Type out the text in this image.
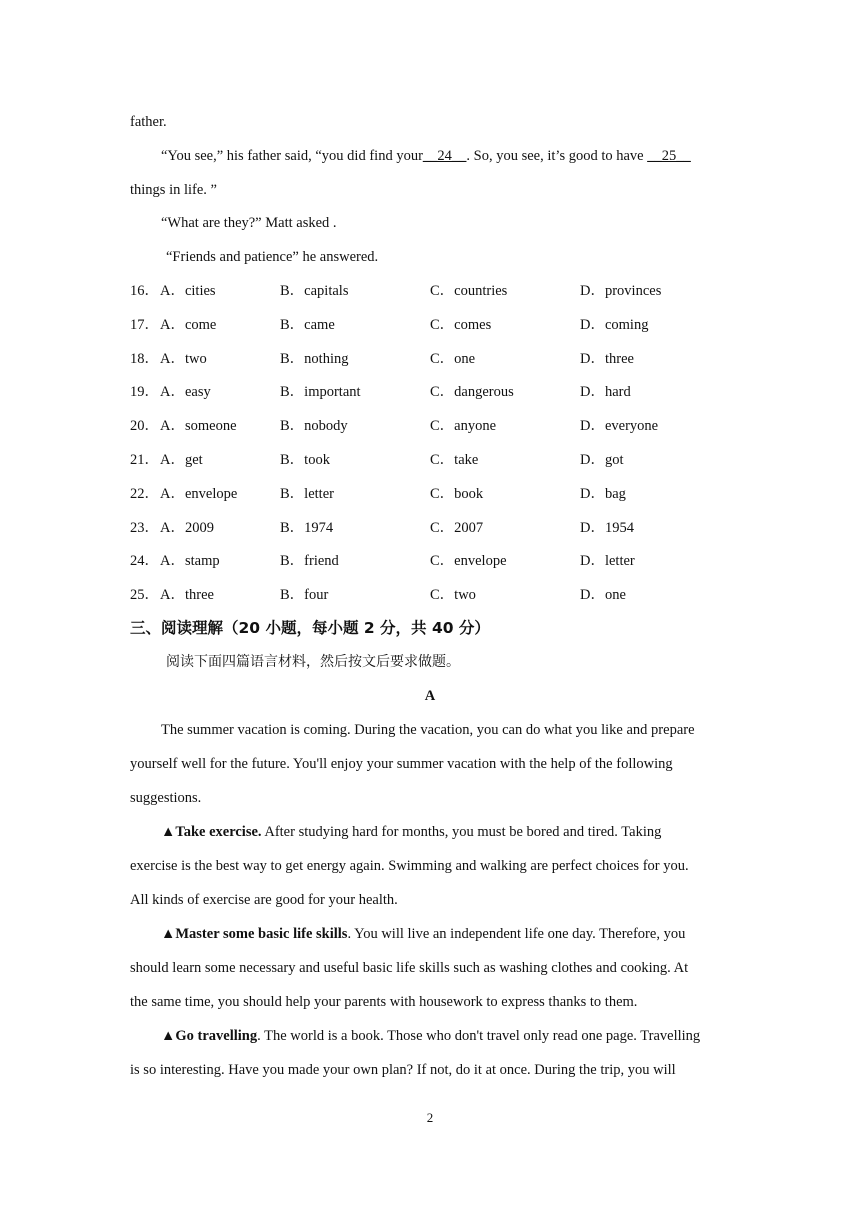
father.
“You see,” his father said, “you did find your__24__. So, you see, it’s good to have __25__
things in life. ”
“What are they?” Matt asked .
“Friends and patience” he answered.
16． A．cities	B．capitals	C．countries	D．provinces
17． A．come	B．came	C．comes	D．coming
18． A．two	B．nothing	C．one	D．three
19． A．easy	B．important	C．dangerous	D．hard
20． A．someone	B．nobody	C．anyone	D．everyone
21． A．get	B．took	C．take	D．got
22． A．envelope	B．letter	C．book	D．bag
23． A．2009	B．1974	C．2007	D．1954
24． A．stamp	B．friend	C．envelope	D．letter
25． A．three	B．four	C．two	D．one
三、阅读理解（20 小题，每小题 2 分，共 40 分）
阅读下面四篇语言材料，然后按文后要求做题。
A
The summer vacation is coming. During the vacation, you can do what you like and prepare
yourself well for the future. You'll enjoy your summer vacation with the help of the following
suggestions.
▲Take exercise. After studying hard for months, you must be bored and tired. Taking
exercise is the best way to get energy again. Swimming and walking are perfect choices for you.
All kinds of exercise are good for your health.
▲Master some basic life skills. You will live an independent life one day. Therefore, you
should learn some necessary and useful basic life skills such as washing clothes and cooking. At
the same time, you should help your parents with housework to express thanks to them.
▲Go travelling. The world is a book. Those who don't travel only read one page. Travelling
is so interesting. Have you made your own plan? If not, do it at once. During the trip, you will
2
